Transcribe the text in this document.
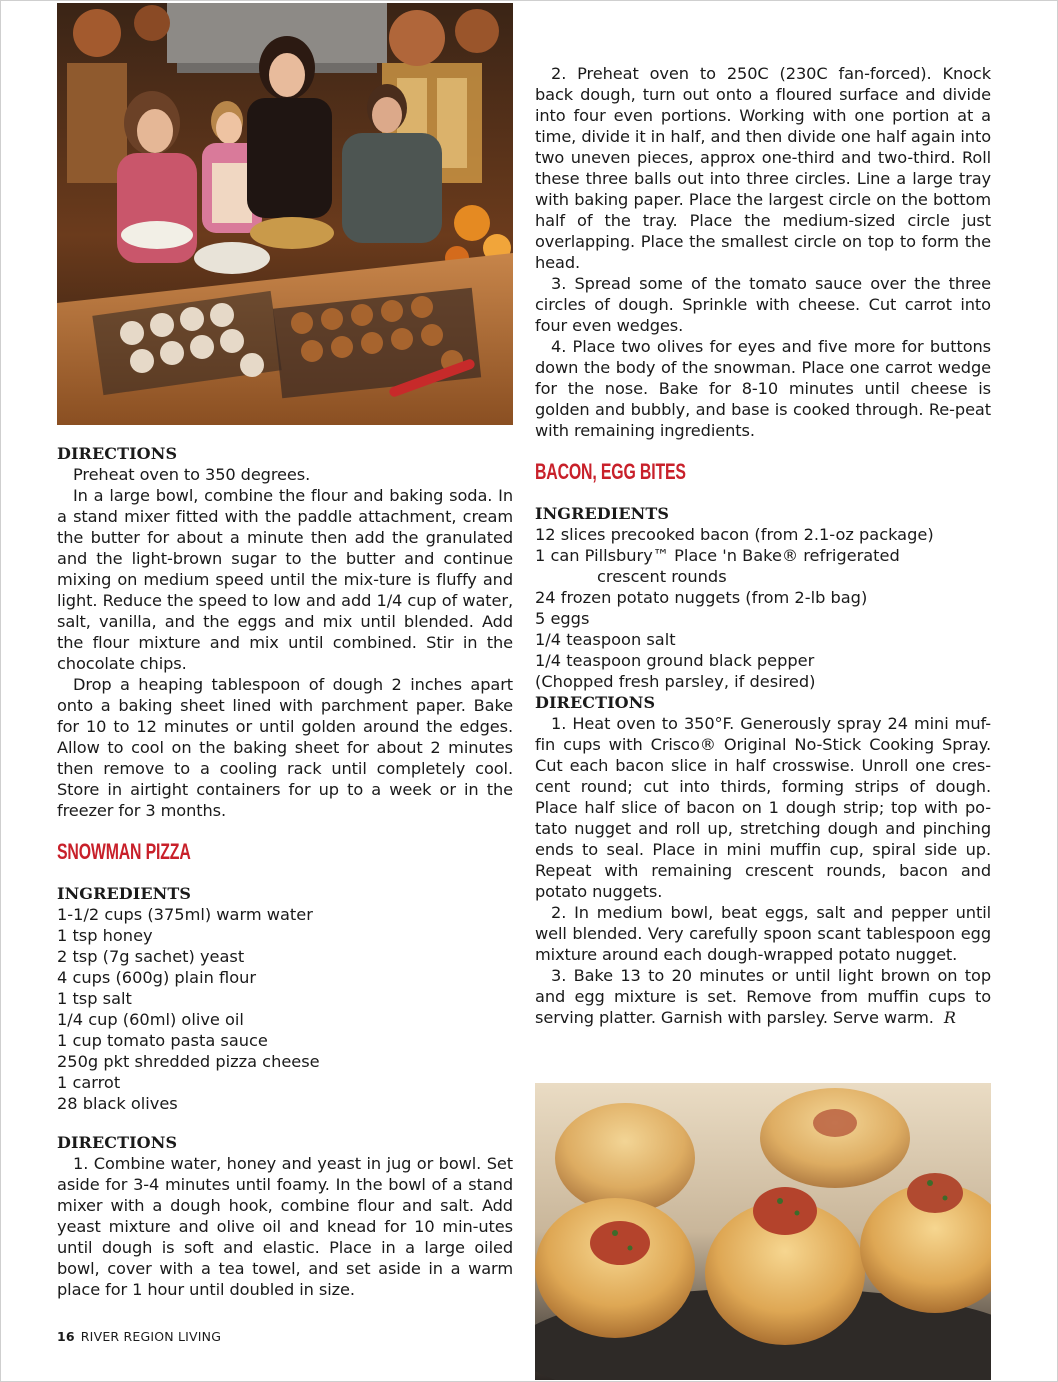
DIRECTIONS

Preheat oven to 350 degrees.

In a large bowl, combine the flour and baking soda. In a stand mixer fitted with the paddle attachment, cream the butter for about a minute then add the granulated and the light-brown sugar to the butter and continue mixing on medium speed until the mix-ture is fluffy and light. Reduce the speed to low and add 1/4 cup of water, salt, vanilla, and the eggs and mix until blended. Add the flour mixture and mix until combined. Stir in the chocolate chips.

Drop a heaping tablespoon of dough 2 inches apart onto a baking sheet lined with parchment paper. Bake for 10 to 12 minutes or until golden around the edges. Allow to cool on the baking sheet for about 2 minutes then remove to a cooling rack until completely cool. Store in airtight containers for up to a week or in the freezer for 3 months.

SNOWMAN PIZZA

INGREDIENTS

1-1/2 cups (375ml) warm water

1 tsp honey

2 tsp (7g sachet) yeast

4 cups (600g) plain flour

1 tsp salt

1/4 cup (60ml) olive oil

1 cup tomato pasta sauce

250g pkt shredded pizza cheese

1 carrot

28 black olives

DIRECTIONS

1. Combine water, honey and yeast in jug or bowl. Set aside for 3-4 minutes until foamy. In the bowl of a stand mixer with a dough hook, combine flour and salt. Add yeast mixture and olive oil and knead for 10 min-utes until dough is soft and elastic. Place in a large oiled bowl, cover with a tea towel, and set aside in a warm place for 1 hour until doubled in size.

2. Preheat oven to 250C (230C fan-forced). Knock back dough, turn out onto a floured surface and divide into four even portions. Working with one portion at a time, divide it in half, and then divide one half again into two uneven pieces, approx one-third and two-third. Roll these three balls out into three circles. Line a large tray with baking paper. Place the largest circle on the bottom half of the tray. Place the medium-sized circle just overlapping. Place the smallest circle on top to form the head.

3. Spread some of the tomato sauce over the three circles of dough. Sprinkle with cheese. Cut carrot into four even wedges.

4. Place two olives for eyes and five more for buttons down the body of the snowman. Place one carrot wedge for the nose. Bake for 8-10 minutes until cheese is golden and bubbly, and base is cooked through. Re-peat with remaining ingredients.

BACON, EGG BITES

INGREDIENTS

12 slices precooked bacon (from 2.1-oz package)

1 can Pillsbury™ Place 'n Bake® refrigerated

crescent rounds

24 frozen potato nuggets (from 2-lb bag)

5 eggs

1/4 teaspoon salt

1/4 teaspoon ground black pepper

(Chopped fresh parsley, if desired)

DIRECTIONS

1. Heat oven to 350°F. Generously spray 24 mini muf-fin cups with Crisco® Original No-Stick Cooking Spray. Cut each bacon slice in half crosswise. Unroll one cres-cent round; cut into thirds, forming strips of dough. Place half slice of bacon on 1 dough strip; top with po-tato nugget and roll up, stretching dough and pinching ends to seal. Place in mini muffin cup, spiral side up. Repeat with remaining crescent rounds, bacon and potato nuggets.

2. In medium bowl, beat eggs, salt and pepper until well blended. Very carefully spoon scant tablespoon egg mixture around each dough-wrapped potato nugget.

3. Bake 13 to 20 minutes or until light brown on top and egg mixture is set. Remove from muffin cups to serving platter. Garnish with parsley. Serve warm. R

16 RIVER REGION LIVING
